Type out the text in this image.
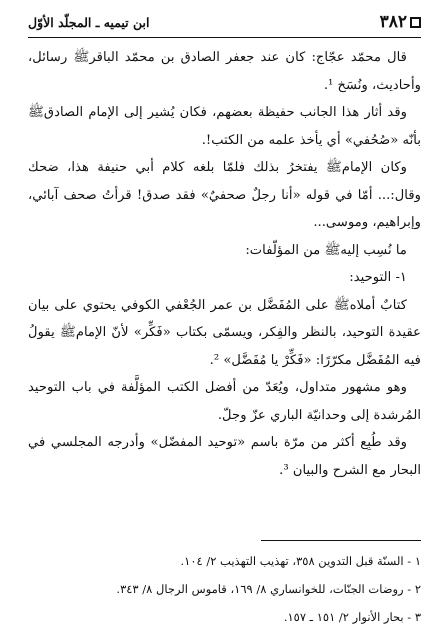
٣٨٢
ابن تيميه ـ المجلّد الأوّل

قال محمّد عجّاج: كان عند جعفر الصادق بن محمّد الباقرﷺ رسائل، وأحاديث، ونُسَخ ¹.

وقد أثار هذا الجانب حفيظة بعضهم، فكان يُشير إلى الإمام الصادقﷺ بأنّه «صُحُفي» أي يأخذ علمه من الكتب!.

وكان الإمامﷺ يفتخرُ بذلك فلمّا بلغه كلام أبي حنيفة هذا، ضحك وقال:... أمّا في قوله «أنا رجلٌ صحفيٌ» فقد صدق! قرأتُ صحف آبائي، وإبراهيم، وموسى...

ما نُسِب إليهﷺ من المؤلّفات:

١- التوحيد:

كتابٌ أملاهﷺ على المُفَضَّل بن عمر الجُعْفي الكوفي يحتوي على بيان عقيدة التوحيد، بالنظر والفِكر، ويسمّى بكتاب «فَكِّر» لأنّ الإمامﷺ يقولُ فيه المُفَضَّل مكرّرًا: «فَكِّرْ يا مُفَضَّل» ².

وهو مشهور متداول، ويُعَدّ من أفضل الكتب المؤلَّفة في باب التوحيد المُرشدة إلى وحدانيّة الباري عزّ وجلّ.

وقد طُبِع أكثر من مرّة باسم «توحيد المفضّل» وأدرجه المجلسي في البحار مع الشرح والبيان ³.

١ - السنّة قبل التدوين ٣٥٨، تهذيب التهذيب ٢/ ١٠٤.
٢ - روضات الجنّات، للخوانساري ٨/ ١٦٩، قاموس الرجال ٨/ ٣٤٣.
٣ - بحار الأنوار ٢/ ١٥١ ـ ١٥٧.
